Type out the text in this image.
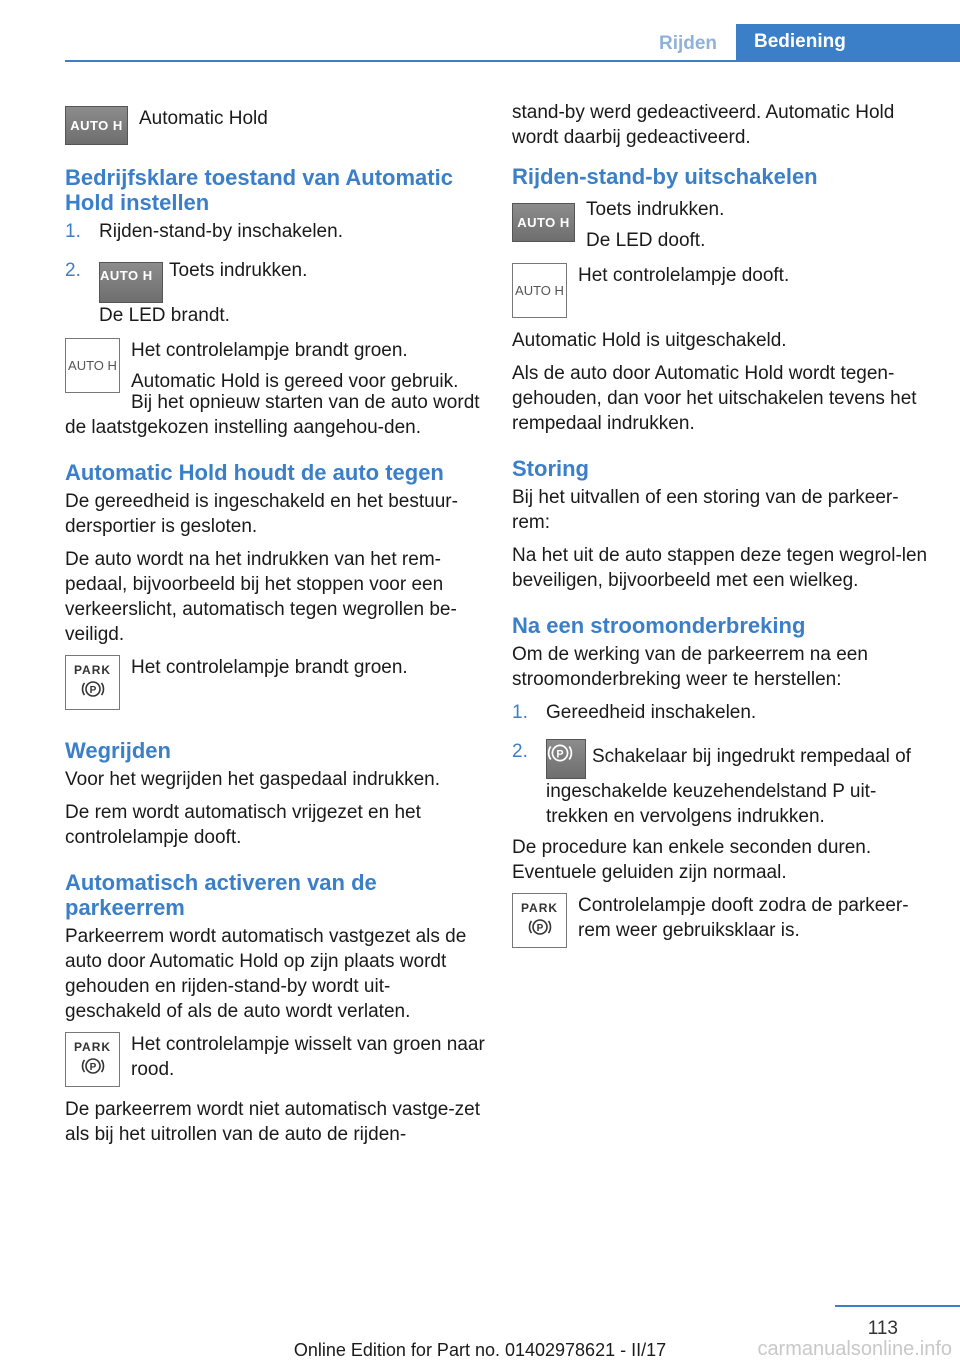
Rijden	Bediening
AUTO H Automatic Hold

Bedrijfsklare toestand van Automatic Hold instellen
1. Rijden-stand-by inschakelen.
2. AUTO H Toets indrukken.
De LED brandt.
AUTO H

Het controlelampje brandt groen.

Automatic Hold is gereed voor gebruik.

Bij het opnieuw starten van de auto wordt de laatstgekozen instelling aangehou-den.

Automatic Hold houdt de auto tegen

De gereedheid is ingeschakeld en het bestuur-dersportier is gesloten.

De auto wordt na het indrukken van het rem-pedaal, bijvoorbeeld bij het stoppen voor een verkeerslicht, automatisch tegen wegrollen be-veiligd.

PARK
P

Het controlelampje brandt groen.

Wegrijden

Voor het wegrijden het gaspedaal indrukken.

De rem wordt automatisch vrijgezet en het controlelampje dooft.

Automatisch activeren van de parkeerrem

Parkeerrem wordt automatisch vastgezet als de auto door Automatic Hold op zijn plaats wordt gehouden en rijden-stand-by wordt uit-geschakeld of als de auto wordt verlaten.

PARK
P

Het controlelampje wisselt van groen naar rood.

De parkeerrem wordt niet automatisch vastge-zet als bij het uitrollen van de auto de rijden-

stand-by werd gedeactiveerd. Automatic Hold wordt daarbij gedeactiveerd.

Rijden-stand-by uitschakelen
AUTO H

Toets indrukken.

De LED dooft.

AUTO H

Het controlelampje dooft.

Automatic Hold is uitgeschakeld.

Als de auto door Automatic Hold wordt tegen-gehouden, dan voor het uitschakelen tevens het rempedaal indrukken.

Storing

Bij het uitvallen of een storing van de parkeer-rem:

Na het uit de auto stappen deze tegen wegrol-len beveiligen, bijvoorbeeld met een wielkeg.

Na een stroomonderbreking

Om de werking van de parkeerrem na een stroomonderbreking weer te herstellen:

1. Gereedheid inschakelen.
2.	P Schakelaar bij ingedrukt rempedaal of ingeschakelde keuzehendelstand P uit-trekken en vervolgens indrukken.

De procedure kan enkele seconden duren. Eventuele geluiden zijn normaal.

PARK
P

Controlelampje dooft zodra de parkeer-rem weer gebruiksklaar is.

113
Online Edition for Part no. 01402978621 - II/17	carmanualsonline.info
